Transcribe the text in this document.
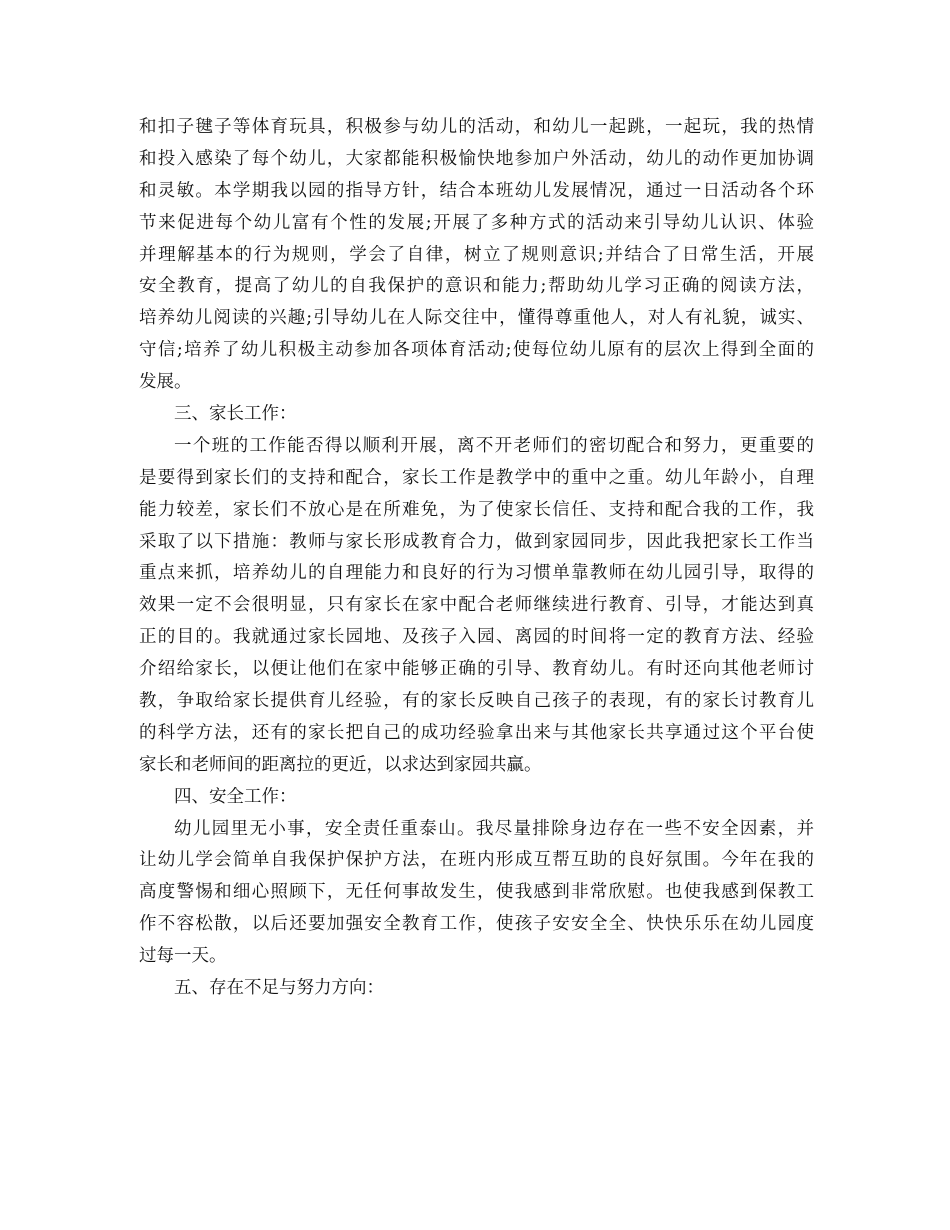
和扣子毽子等体育玩具，积极参与幼儿的活动，和幼儿一起跳，一起玩，我的热情
和投入感染了每个幼儿，大家都能积极愉快地参加户外活动，幼儿的动作更加协调
和灵敏。本学期我以园的指导方针，结合本班幼儿发展情况，通过一日活动各个环
节来促进每个幼儿富有个性的发展;开展了多种方式的活动来引导幼儿认识、体验
并理解基本的行为规则，学会了自律，树立了规则意识;并结合了日常生活，开展
安全教育，提高了幼儿的自我保护的意识和能力;帮助幼儿学习正确的阅读方法，
培养幼儿阅读的兴趣;引导幼儿在人际交往中，懂得尊重他人，对人有礼貌，诚实、
守信;培养了幼儿积极主动参加各项体育活动;使每位幼儿原有的层次上得到全面的
发展。
三、家长工作：
一个班的工作能否得以顺利开展，离不开老师们的密切配合和努力，更重要的
是要得到家长们的支持和配合，家长工作是教学中的重中之重。幼儿年龄小，自理
能力较差，家长们不放心是在所难免，为了使家长信任、支持和配合我的工作，我
采取了以下措施：教师与家长形成教育合力，做到家园同步，因此我把家长工作当
重点来抓，培养幼儿的自理能力和良好的行为习惯单靠教师在幼儿园引导，取得的
效果一定不会很明显，只有家长在家中配合老师继续进行教育、引导，才能达到真
正的目的。我就通过家长园地、及孩子入园、离园的时间将一定的教育方法、经验
介绍给家长，以便让他们在家中能够正确的引导、教育幼儿。有时还向其他老师讨
教，争取给家长提供育儿经验，有的家长反映自己孩子的表现，有的家长讨教育儿
的科学方法，还有的家长把自己的成功经验拿出来与其他家长共享通过这个平台使
家长和老师间的距离拉的更近，以求达到家园共赢。
四、安全工作：
幼儿园里无小事，安全责任重泰山。我尽量排除身边存在一些不安全因素，并
让幼儿学会简单自我保护保护方法，在班内形成互帮互助的良好氛围。今年在我的
高度警惕和细心照顾下，无任何事故发生，使我感到非常欣慰。也使我感到保教工
作不容松散，以后还要加强安全教育工作，使孩子安安全全、快快乐乐在幼儿园度
过每一天。
五、存在不足与努力方向：
